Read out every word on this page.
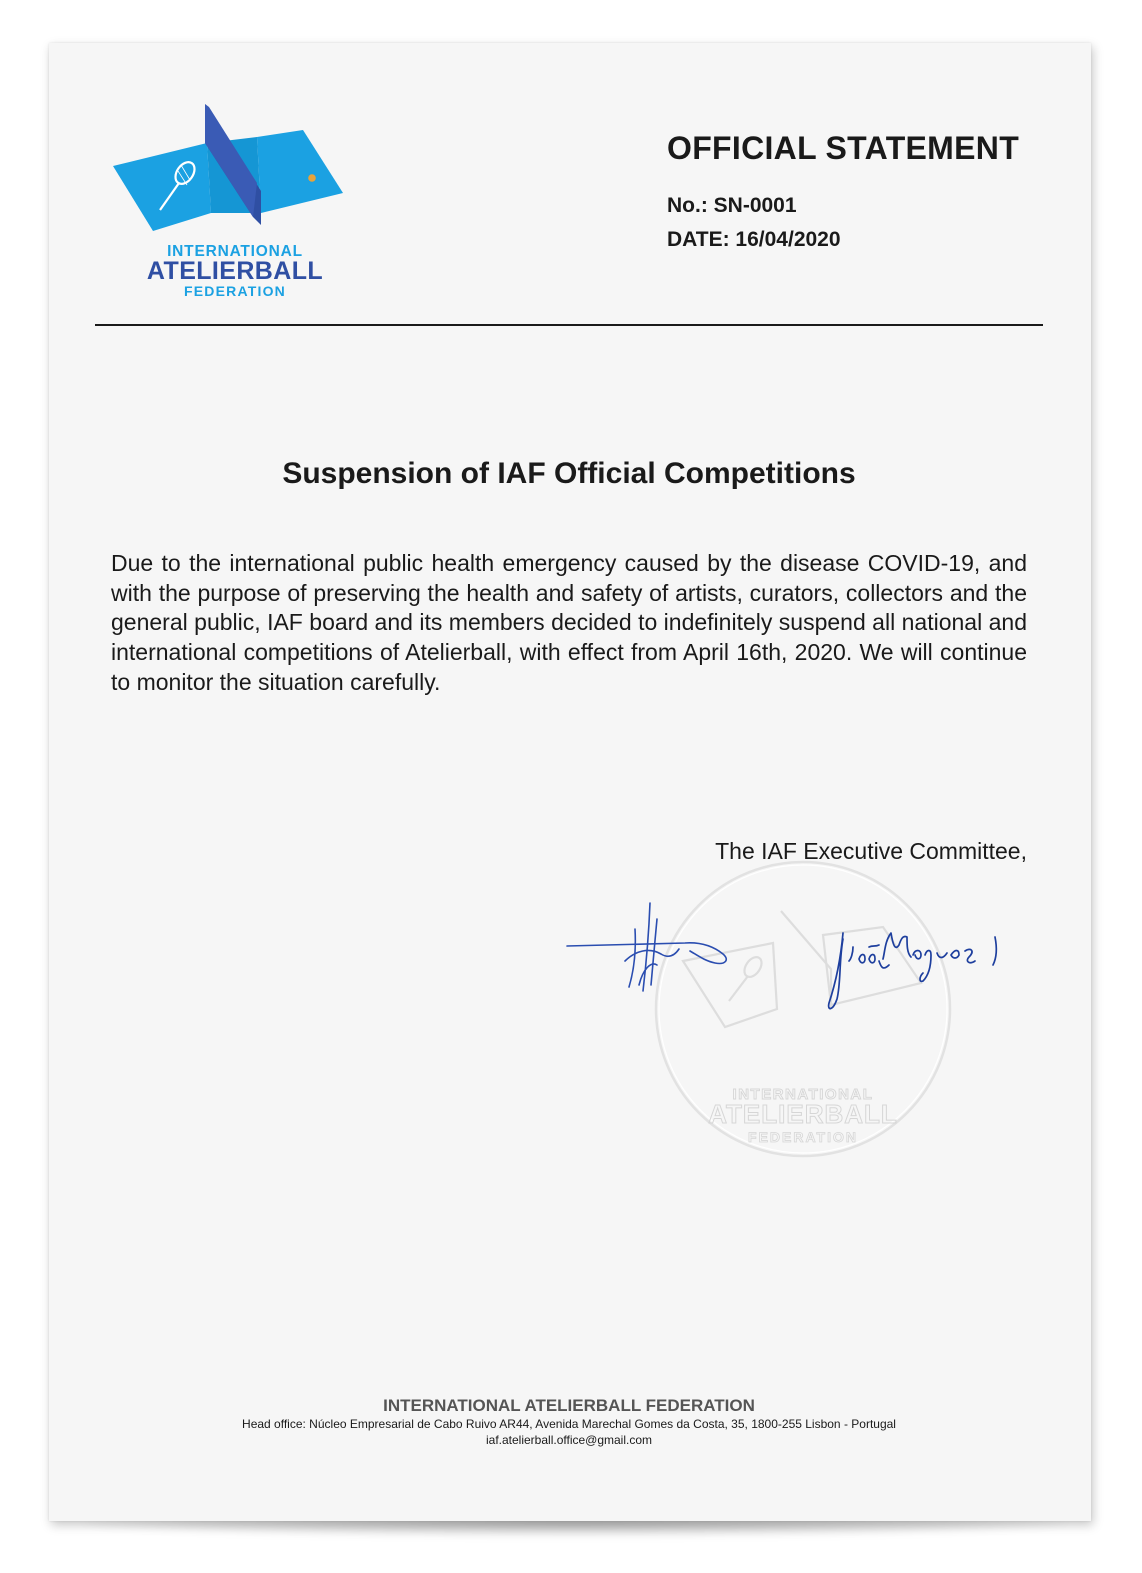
INTERNATIONAL
ATELIERBALL
FEDERATION
OFFICIAL STATEMENT
No.: SN-0001
DATE: 16/04/2020
Suspension of IAF Official Competitions
Due to the international public health emergency caused by the disease COVID-19, and with the purpose of preserving the health and safety of artists, curators, collectors and the general public, IAF board and its members decided to indefinitely suspend all national and international competitions of Atelierball, with effect from April 16th, 2020. We will continue to monitor the situation carefully.
The IAF Executive Committee,
INTERNATIONAL
ATELIERBALL
FEDERATION
INTERNATIONAL ATELIERBALL FEDERATION
Head office: Núcleo Empresarial de Cabo Ruivo AR44, Avenida Marechal Gomes da Costa, 35, 1800-255 Lisbon - Portugal
iaf.atelierball.office@gmail.com
